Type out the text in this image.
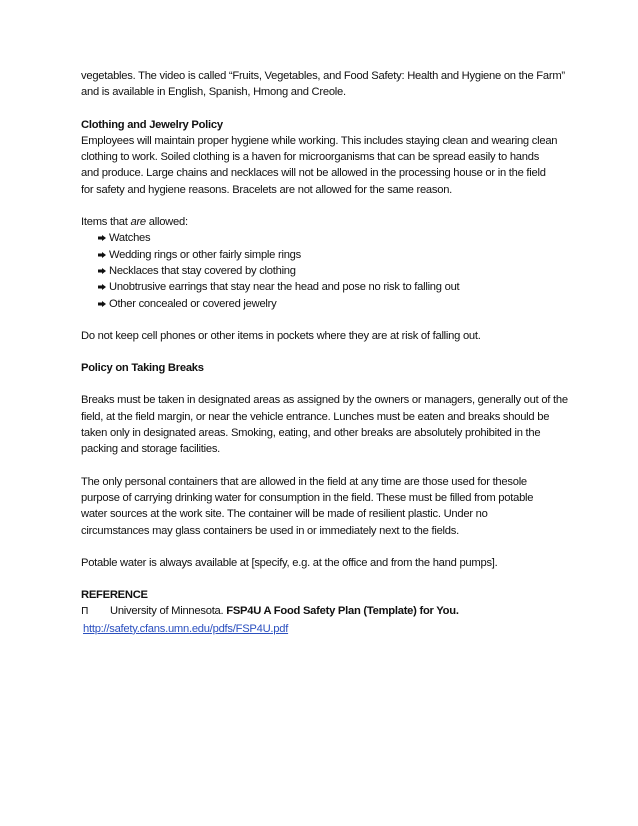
vegetables. The video is called “Fruits, Vegetables, and Food Safety: Health and Hygiene on the Farm”
and is available in English, Spanish, Hmong and Creole.

Clothing and Jewelry Policy
Employees will maintain proper hygiene while working. This includes staying clean and wearing clean
clothing to work. Soiled clothing is a haven for microorganisms that can be spread easily to hands
and produce. Large chains and necklaces will not be allowed in the processing house or in the field
for safety and hygiene reasons. Bracelets are not allowed for the same reason.

Items that are allowed:
Watches
Wedding rings or other fairly simple rings
Necklaces that stay covered by clothing
Unobtrusive earrings that stay near the head and pose no risk to falling out
Other concealed or covered jewelry

Do not keep cell phones or other items in pockets where they are at risk of falling out.

Policy on Taking Breaks

Breaks must be taken in designated areas as assigned by the owners or managers, generally out of the
field, at the field margin, or near the vehicle entrance. Lunches must be eaten and breaks should be
taken only in designated areas. Smoking, eating, and other breaks are absolutely prohibited in the
packing and storage facilities.

The only personal containers that are allowed in the field at any time are those used for thesole
purpose of carrying drinking water for consumption in the field. These must be filled from potable
water sources at the work site. The container will be made of resilient plastic. Under no
circumstances may glass containers be used in or immediately next to the fields.

Potable water is always available at [specify, e.g. at the office and from the hand pumps].

REFERENCE
Π University of Minnesota. FSP4U A Food Safety Plan (Template) for You.
http://safety.cfans.umn.edu/pdfs/FSP4U.pdf
